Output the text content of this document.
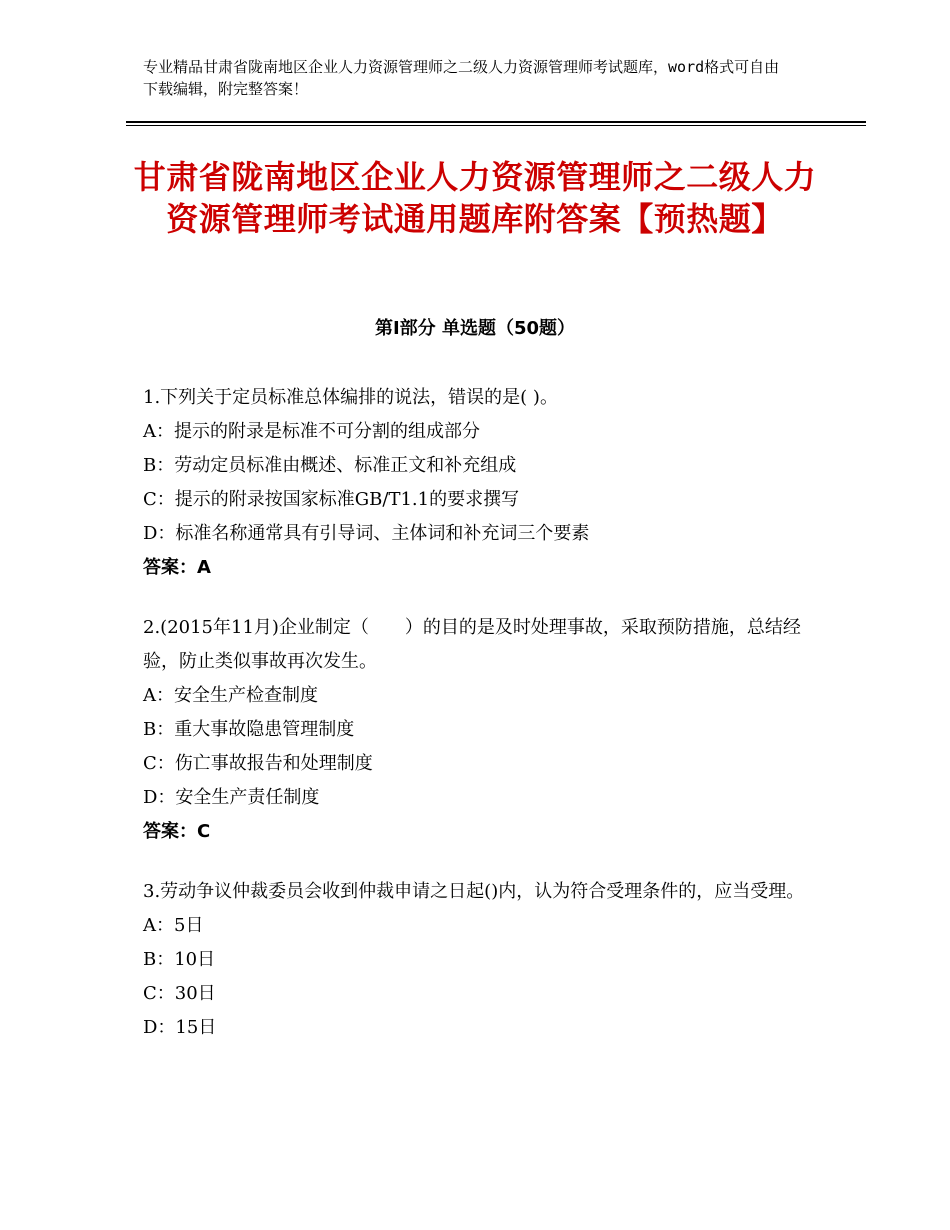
专业精品甘肃省陇南地区企业人力资源管理师之二级人力资源管理师考试题库，word格式可自由下载编辑，附完整答案！
甘肃省陇南地区企业人力资源管理师之二级人力资源管理师考试通用题库附答案【预热题】
第Ⅰ部分 单选题（50题）

1.下列关于定员标准总体编排的说法，错误的是( )。

A：提示的附录是标准不可分割的组成部分

B：劳动定员标准由概述、标准正文和补充组成

C：提示的附录按国家标准GB/T1.1的要求撰写

D：标准名称通常具有引导词、主体词和补充词三个要素

答案：A

2.(2015年11月)企业制定（　　）的目的是及时处理事故，采取预防措施，总结经验，防止类似事故再次发生。

A：安全生产检查制度

B：重大事故隐患管理制度

C：伤亡事故报告和处理制度

D：安全生产责任制度

答案：C

3.劳动争议仲裁委员会收到仲裁申请之日起()内，认为符合受理条件的，应当受理。

A：5日

B：10日

C：30日

D：15日
